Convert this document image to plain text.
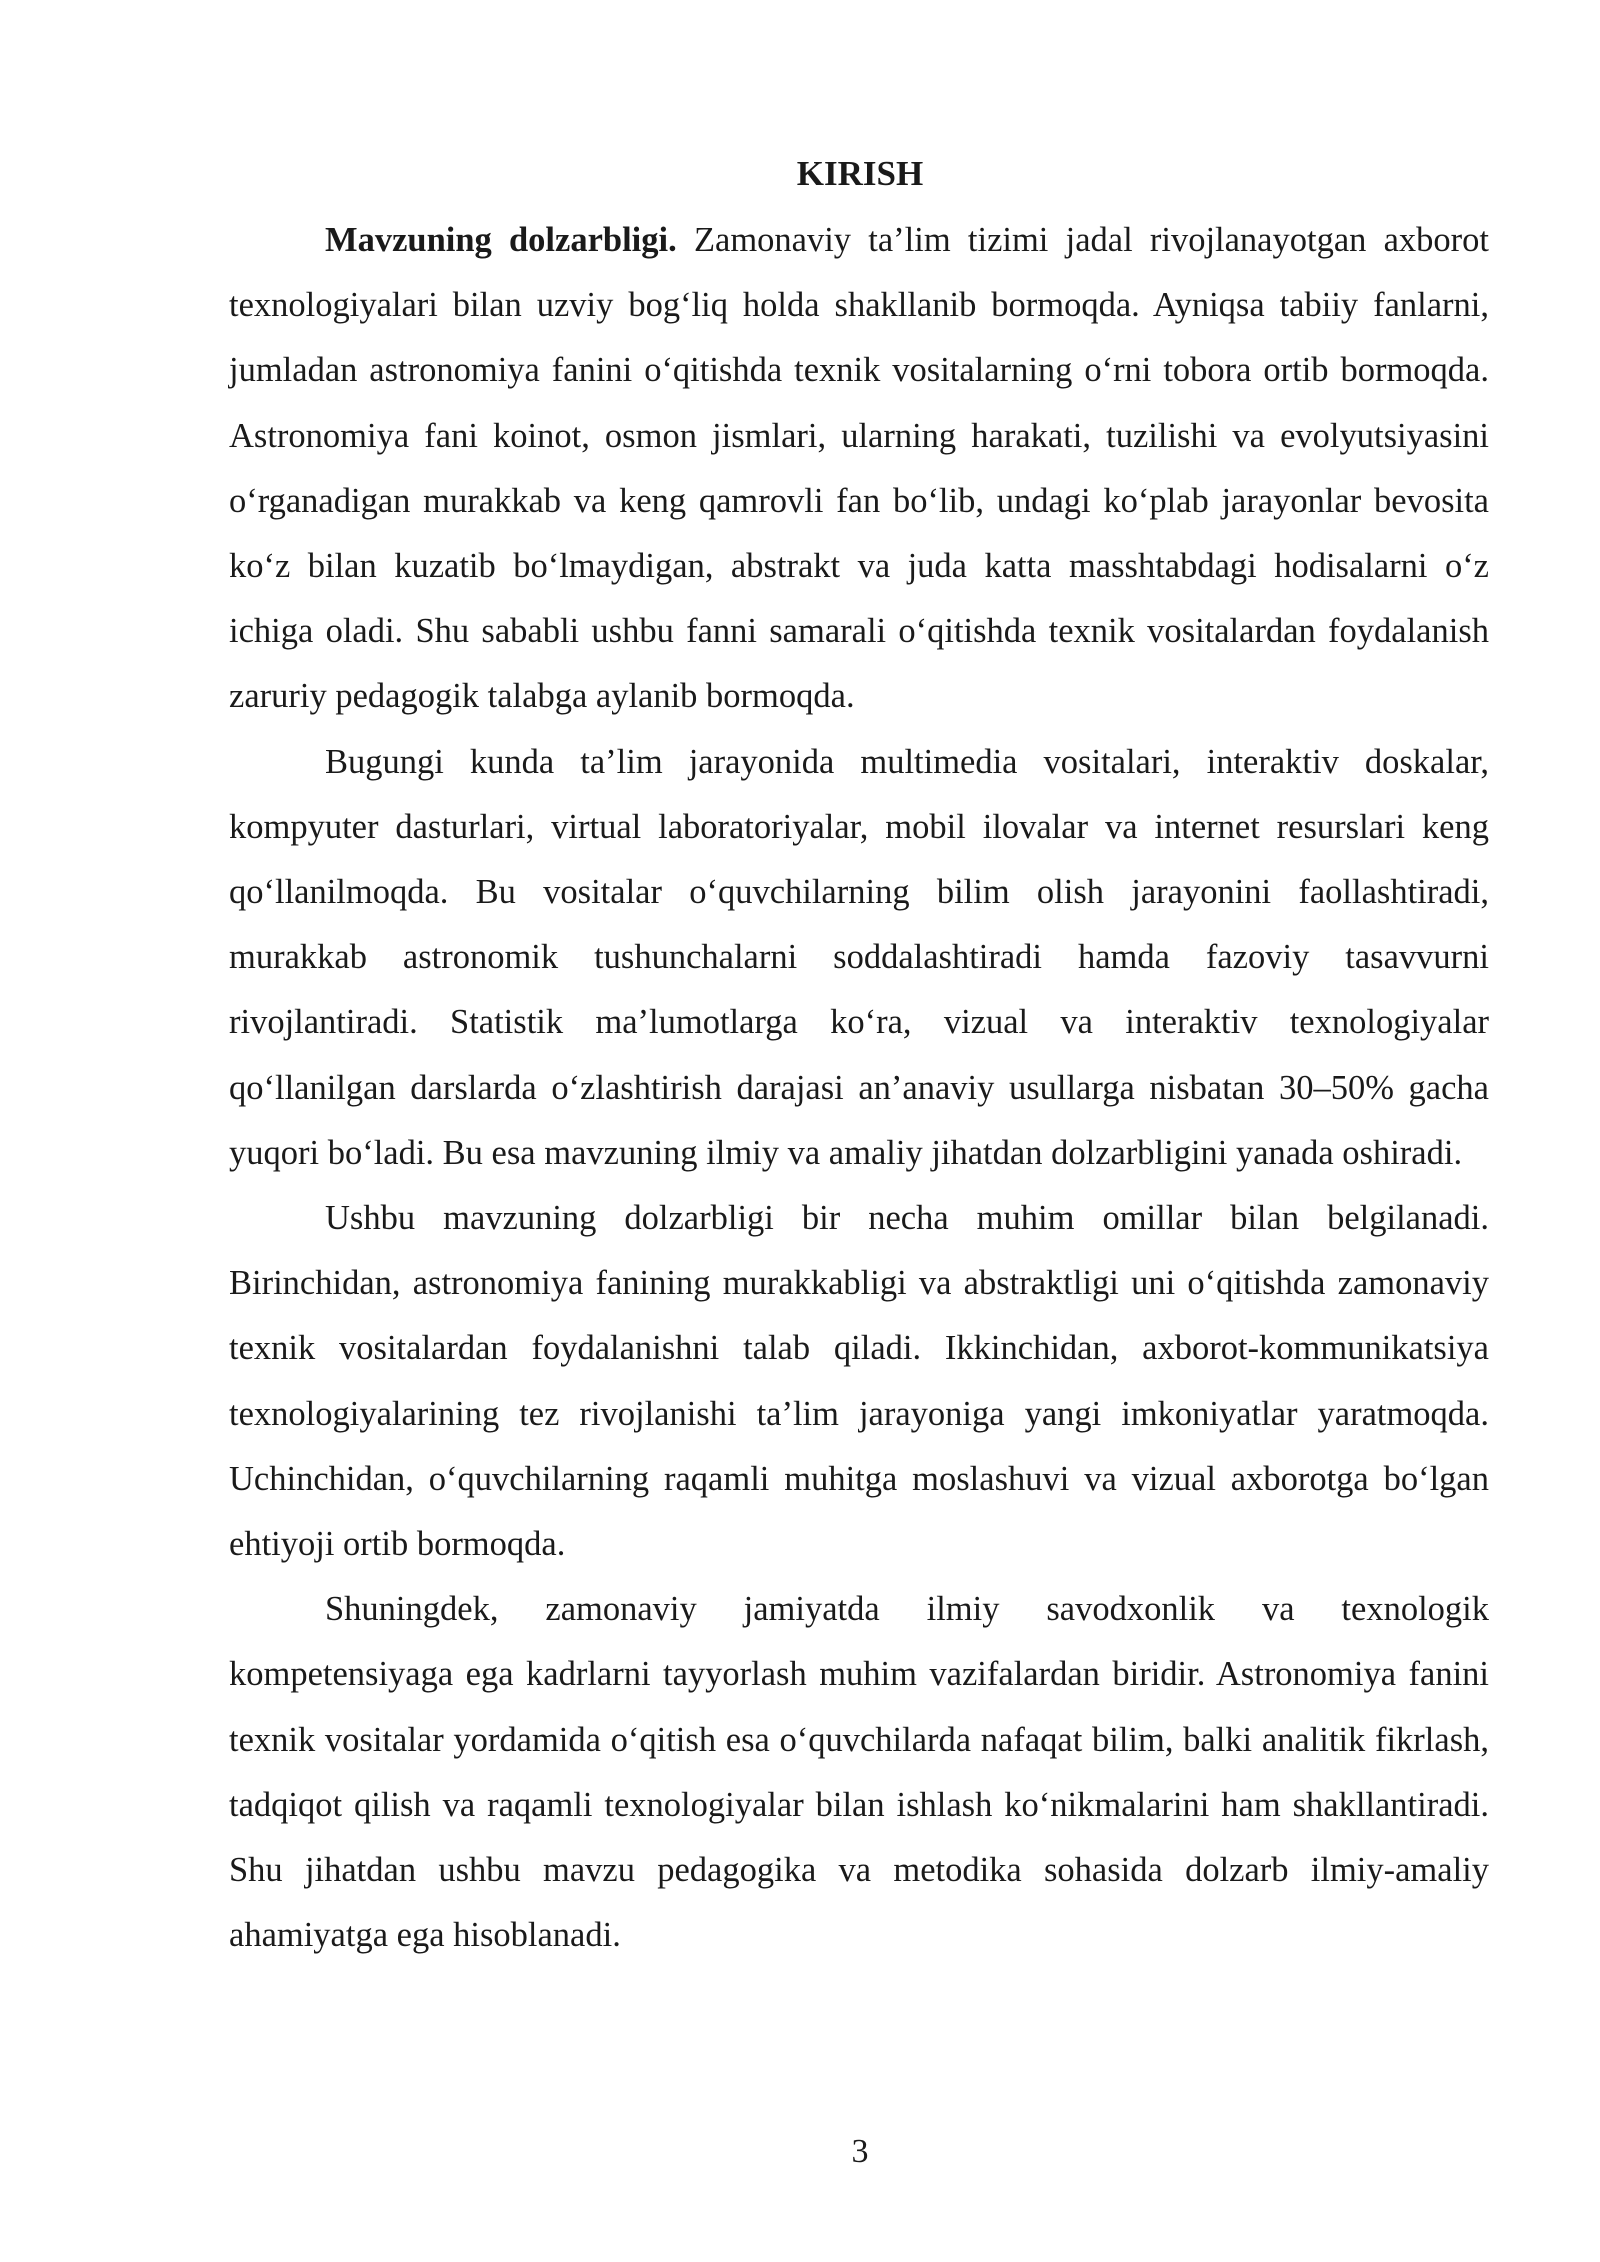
KIRISH

Mavzuning dolzarbligi. Zamonaviy ta’lim tizimi jadal rivojlanayotgan axborot texnologiyalari bilan uzviy bog‘liq holda shakllanib bormoqda. Ayniqsa tabiiy fanlarni, jumladan astronomiya fanini o‘qitishda texnik vositalarning o‘rni tobora ortib bormoqda. Astronomiya fani koinot, osmon jismlari, ularning harakati, tuzilishi va evolyutsiyasini o‘rganadigan murakkab va keng qamrovli fan bo‘lib, undagi ko‘plab jarayonlar bevosita ko‘z bilan kuzatib bo‘lmaydigan, abstrakt va juda katta masshtabdagi hodisalarni o‘z ichiga oladi. Shu sababli ushbu fanni samarali o‘qitishda texnik vositalardan foydalanish zaruriy pedagogik talabga aylanib bormoqda.

Bugungi kunda ta’lim jarayonida multimedia vositalari, interaktiv doskalar, kompyuter dasturlari, virtual laboratoriyalar, mobil ilovalar va internet resurslari keng qo‘llanilmoqda. Bu vositalar o‘quvchilarning bilim olish jarayonini faollashtiradi, murakkab astronomik tushunchalarni soddalashtiradi hamda fazoviy tasavvurni rivojlantiradi. Statistik ma’lumotlarga ko‘ra, vizual va interaktiv texnologiyalar qo‘llanilgan darslarda o‘zlashtirish darajasi an’anaviy usullarga nisbatan 30–50% gacha yuqori bo‘ladi. Bu esa mavzuning ilmiy va amaliy jihatdan dolzarbligini yanada oshiradi.

Ushbu mavzuning dolzarbligi bir necha muhim omillar bilan belgilanadi. Birinchidan, astronomiya fanining murakkabligi va abstraktligi uni o‘qitishda zamonaviy texnik vositalardan foydalanishni talab qiladi. Ikkinchidan, axborot-kommunikatsiya texnologiyalarining tez rivojlanishi ta’lim jarayoniga yangi imkoniyatlar yaratmoqda. Uchinchidan, o‘quvchilarning raqamli muhitga moslashuvi va vizual axborotga bo‘lgan ehtiyoji ortib bormoqda.

Shuningdek, zamonaviy jamiyatda ilmiy savodxonlik va texnologik kompetensiyaga ega kadrlarni tayyorlash muhim vazifalardan biridir. Astronomiya fanini texnik vositalar yordamida o‘qitish esa o‘quvchilarda nafaqat bilim, balki analitik fikrlash, tadqiqot qilish va raqamli texnologiyalar bilan ishlash ko‘nikmalarini ham shakllantiradi. Shu jihatdan ushbu mavzu pedagogika va metodika sohasida dolzarb ilmiy-amaliy ahamiyatga ega hisoblanadi.

3
